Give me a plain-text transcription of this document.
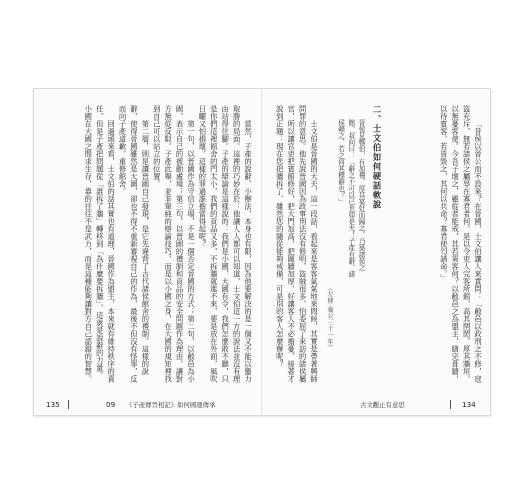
當然，子產的說辭、小辦法，本身也有限，因為他要解決的是一個又不能以蠻力取勝的局面。這裡的巧妙在於：他讓人人都可以知道，士文伯這一方的說法並沒有理由站得住腳。子產的辯論是這樣說的：我們是小國，大國有令，我們怎麼敢不聽，只是你們這裡館舍的門太小，我們的貢品又多，不拆牆就進不來，要是放在外面，風吹日曬又怕損壞，這樣的罪過誰擔當得起呢？

第一句，以晉國作為守信立場，不是一個否定晉國的方式；第二句，以敝邑為小國，表示自己的被動處境；第三句，以晉國的禮制和貢品的安全問題作為理由，讓對方無從反駁。子產此舉，並非單純的辯論技巧，而是以小國之身，在大國的規矩裡找到自己可以站立的位置。

第二層，則是讓晉國自己發現，是它先違背了古代諸侯館舍的禮制。這樣的說辭，使得晉國雖然是大國，卻也不得不重新審視自己的作為，最後不但沒有怪罪，反而向子產道歉，重修館舍。

回過頭來看，士文伯的話其實也有道理，晉國作為盟主，本來就有維持秩序的責任，但是子產把問題從「誰拆了牆」轉移到「為什麼要拆牆」，這就是說辭的力量。小國在大國之間求生存，靠的往往不是武力，而是這種能夠讓對方自己認錯的智慧。

135	09 《子產傳晉相記》如何國運傳承

「昔侯以晉公而不設來？在晉國，士文伯讓人來責問：「敝邑以政刑之不修，寇盜充斥，無若諸侯之屬辱在寡君者何，是以令吏人完客所館，高其閈閎，厚其牆垣，以無憂客使。今吾子壞之，雖從者能戒，其若異客何？以敝邑之為盟主，繕完葺牆，以待賓客，若皆毀之，其何以共命？寡君使匄請命。」

二、士文伯如何硬話軟說
晉侯見鄭伯，有加禮，厚其宴好而歸之。乃築諸侯之館。叔向曰：「辭之不可以已也如是夫！子產有辭，諸侯賴之，若之何其釋辭也？」
《左傳‧襄公三十一年》

士文伯是晉國的大夫，這一段話，看起來是客客氣氣地來問候，其實是帶著興師問罪的意思。他先說晉國因為政事刑法沒有修明，盜賊很多，怕委屈了來訪的諸侯屬官，所以讓官吏把賓館修好，把大門加高，把圍牆加厚，好讓客人不必擔憂。接著才說到正題：現在您把牆拆了，雖然您的隨從能夠戒備，可是別的客人怎麼辦呢？

古文觀止有意思	134
